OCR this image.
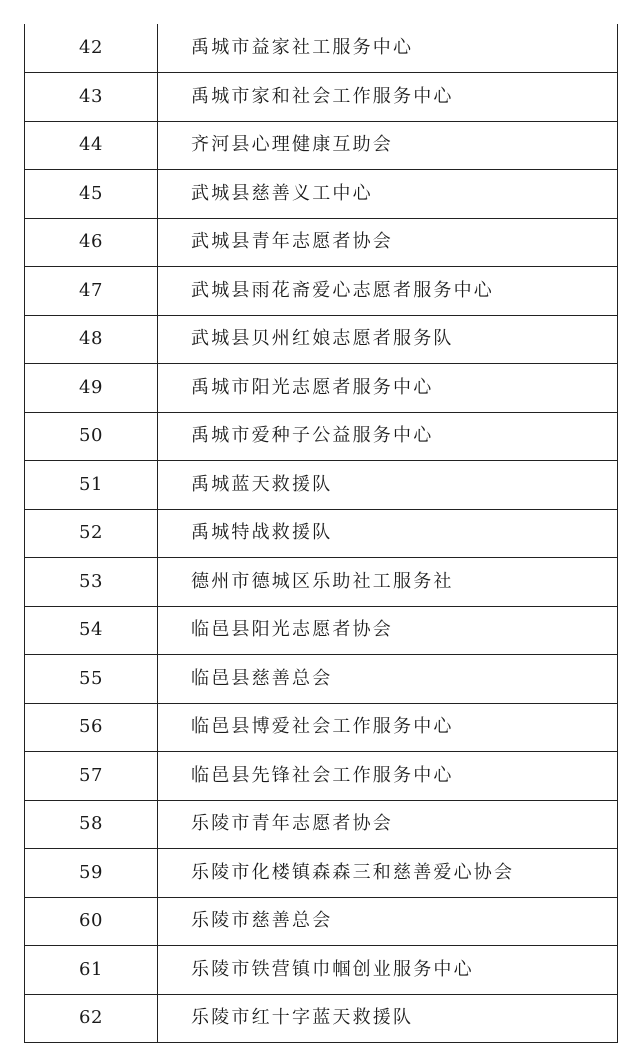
42	禹城市益家社工服务中心
43	禹城市家和社会工作服务中心
44	齐河县心理健康互助会
45	武城县慈善义工中心
46	武城县青年志愿者协会
47	武城县雨花斋爱心志愿者服务中心
48	武城县贝州红娘志愿者服务队
49	禹城市阳光志愿者服务中心
50	禹城市爱种子公益服务中心
51	禹城蓝天救援队
52	禹城特战救援队
53	德州市德城区乐助社工服务社
54	临邑县阳光志愿者协会
55	临邑县慈善总会
56	临邑县博爱社会工作服务中心
57	临邑县先锋社会工作服务中心
58	乐陵市青年志愿者协会
59	乐陵市化楼镇森森三和慈善爱心协会
60	乐陵市慈善总会
61	乐陵市铁营镇巾帼创业服务中心
62	乐陵市红十字蓝天救援队
